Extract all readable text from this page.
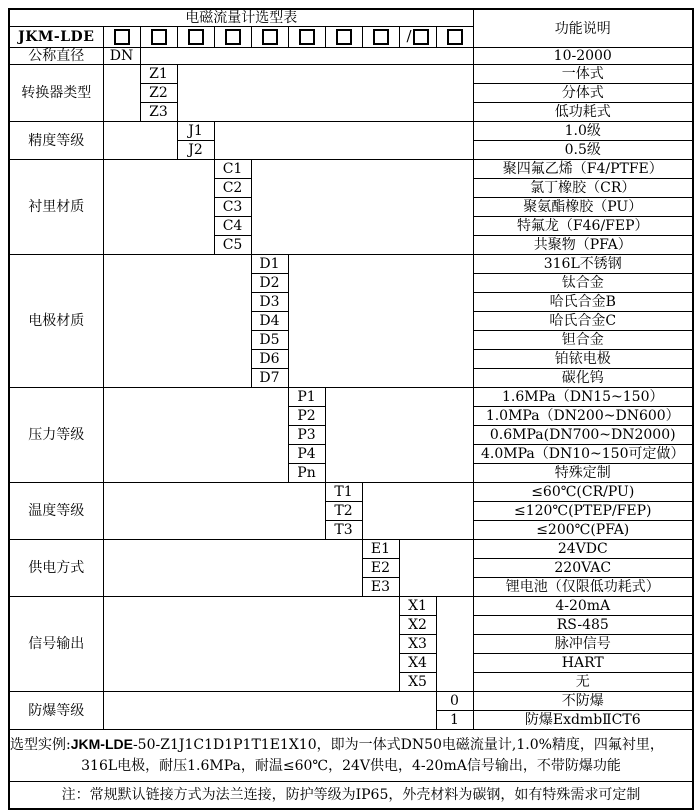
电磁流量计选型表											功能说明
JKM-LDE									/		
公称直径	DN										10-2000
转换器类型		Z1									一体式
		Z2									分体式
		Z3									低功耗式
精度等级			J1								1.0级
			J2								0.5级
衬里材质				C1							聚四氟乙烯（F4/PTFE）
				C2							氯丁橡胶（CR）
				C3							聚氨酯橡胶（PU）
				C4							特氟龙（F46/FEP）
				C5							共聚物（PFA）
电极材质					D1						316L不锈钢
					D2						钛合金
					D3						哈氏合金B
					D4						哈氏合金C
					D5						钽合金
					D6						铂铱电极
					D7						碳化钨
压力等级						P1					1.6MPa（DN15~150）
						P2					1.0MPa（DN200~DN600）
						P3					0.6MPa(DN700~DN2000)
						P4					4.0MPa（DN10~150可定做）
						Pn					特殊定制
温度等级							T1				≤60℃(CR/PU)
							T2				≤120℃(PTEP/FEP)
							T3				≤200℃(PFA)
供电方式								E1			24VDC
								E2			220VAC
								E3			锂电池（仅限低功耗式）
信号输出									X1		4-20mA
									X2		RS-485
									X3		脉冲信号
									X4		HART
									X5		无
防爆等级										0	不防爆
										1	防爆ExdmbⅡCT6

选型实例:JKM-LDE-50-Z1J1C1D1P1T1E1X10，即为一体式DN50电磁流量计,1.0%精度，四氟衬里，
316L电极，耐压1.6MPa，耐温≤60℃，24V供电，4-20mA信号输出，不带防爆功能											

注：常规默认链接方式为法兰连接，防护等级为IP65，外壳材料为碳钢，如有特殊需求可定制											
